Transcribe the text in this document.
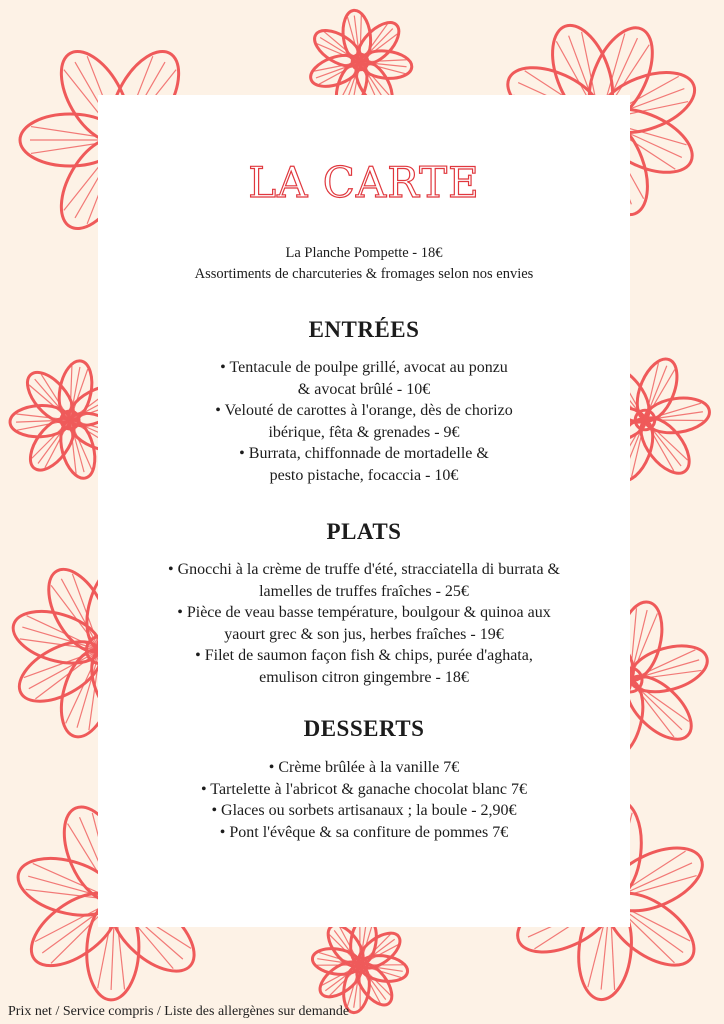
LA CARTE
La Planche Pompette - 18€
Assortiments de charcuteries & fromages selon nos envies
ENTRÉES
• Tentacule de poulpe grillé, avocat au ponzu
& avocat brûlé - 10€
• Velouté de carottes à l'orange, dès de chorizo
ibérique, fêta & grenades - 9€
• Burrata, chiffonnade de mortadelle &
pesto pistache, focaccia - 10€
PLATS
• Gnocchi à la crème de truffe d'été, stracciatella di burrata &
lamelles de truffes fraîches - 25€
• Pièce de veau basse température, boulgour & quinoa aux
yaourt grec & son jus, herbes fraîches - 19€
• Filet de saumon façon fish & chips, purée d'aghata,
emulison citron gingembre - 18€
DESSERTS
• Crème brûlée à la vanille 7€
• Tartelette à l'abricot & ganache chocolat blanc 7€
• Glaces ou sorbets artisanaux ; la boule - 2,90€
• Pont l'évêque & sa confiture de pommes 7€
Prix net / Service compris / Liste des allergènes sur demande
